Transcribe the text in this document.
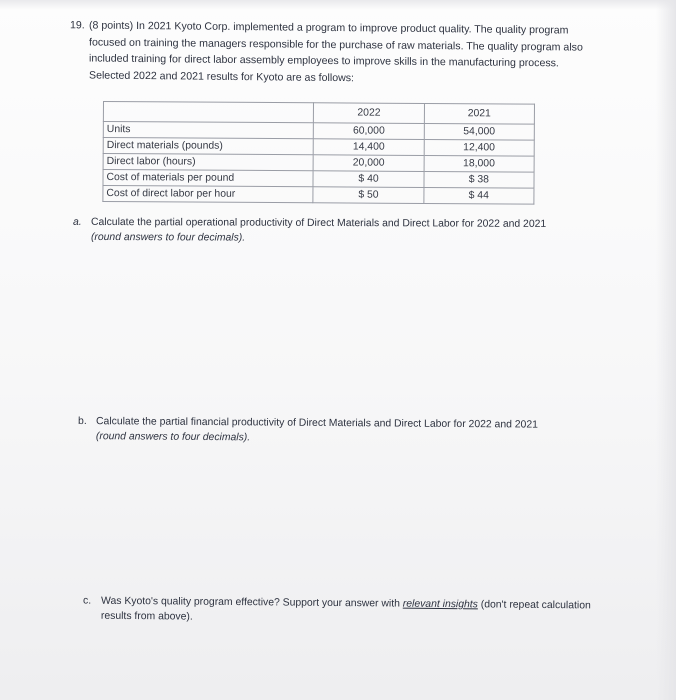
19. (8 points) In 2021 Kyoto Corp. implemented a program to improve product quality. The quality program focused on training the managers responsible for the purchase of raw materials. The quality program also included training for direct labor assembly employees to improve skills in the manufacturing process. Selected 2022 and 2021 results for Kyoto are as follows:
	2022	2021
Units	60,000	54,000
Direct materials (pounds)	14,400	12,400
Direct labor (hours)	20,000	18,000
Cost of materials per pound	$ 40	$ 38
Cost of direct labor per hour	$ 50	$ 44
a. Calculate the partial operational productivity of Direct Materials and Direct Labor for 2022 and 2021
(round answers to four decimals).
b. Calculate the partial financial productivity of Direct Materials and Direct Labor for 2022 and 2021
(round answers to four decimals).
c. Was Kyoto's quality program effective? Support your answer with relevant insights (don't repeat calculation results from above).
